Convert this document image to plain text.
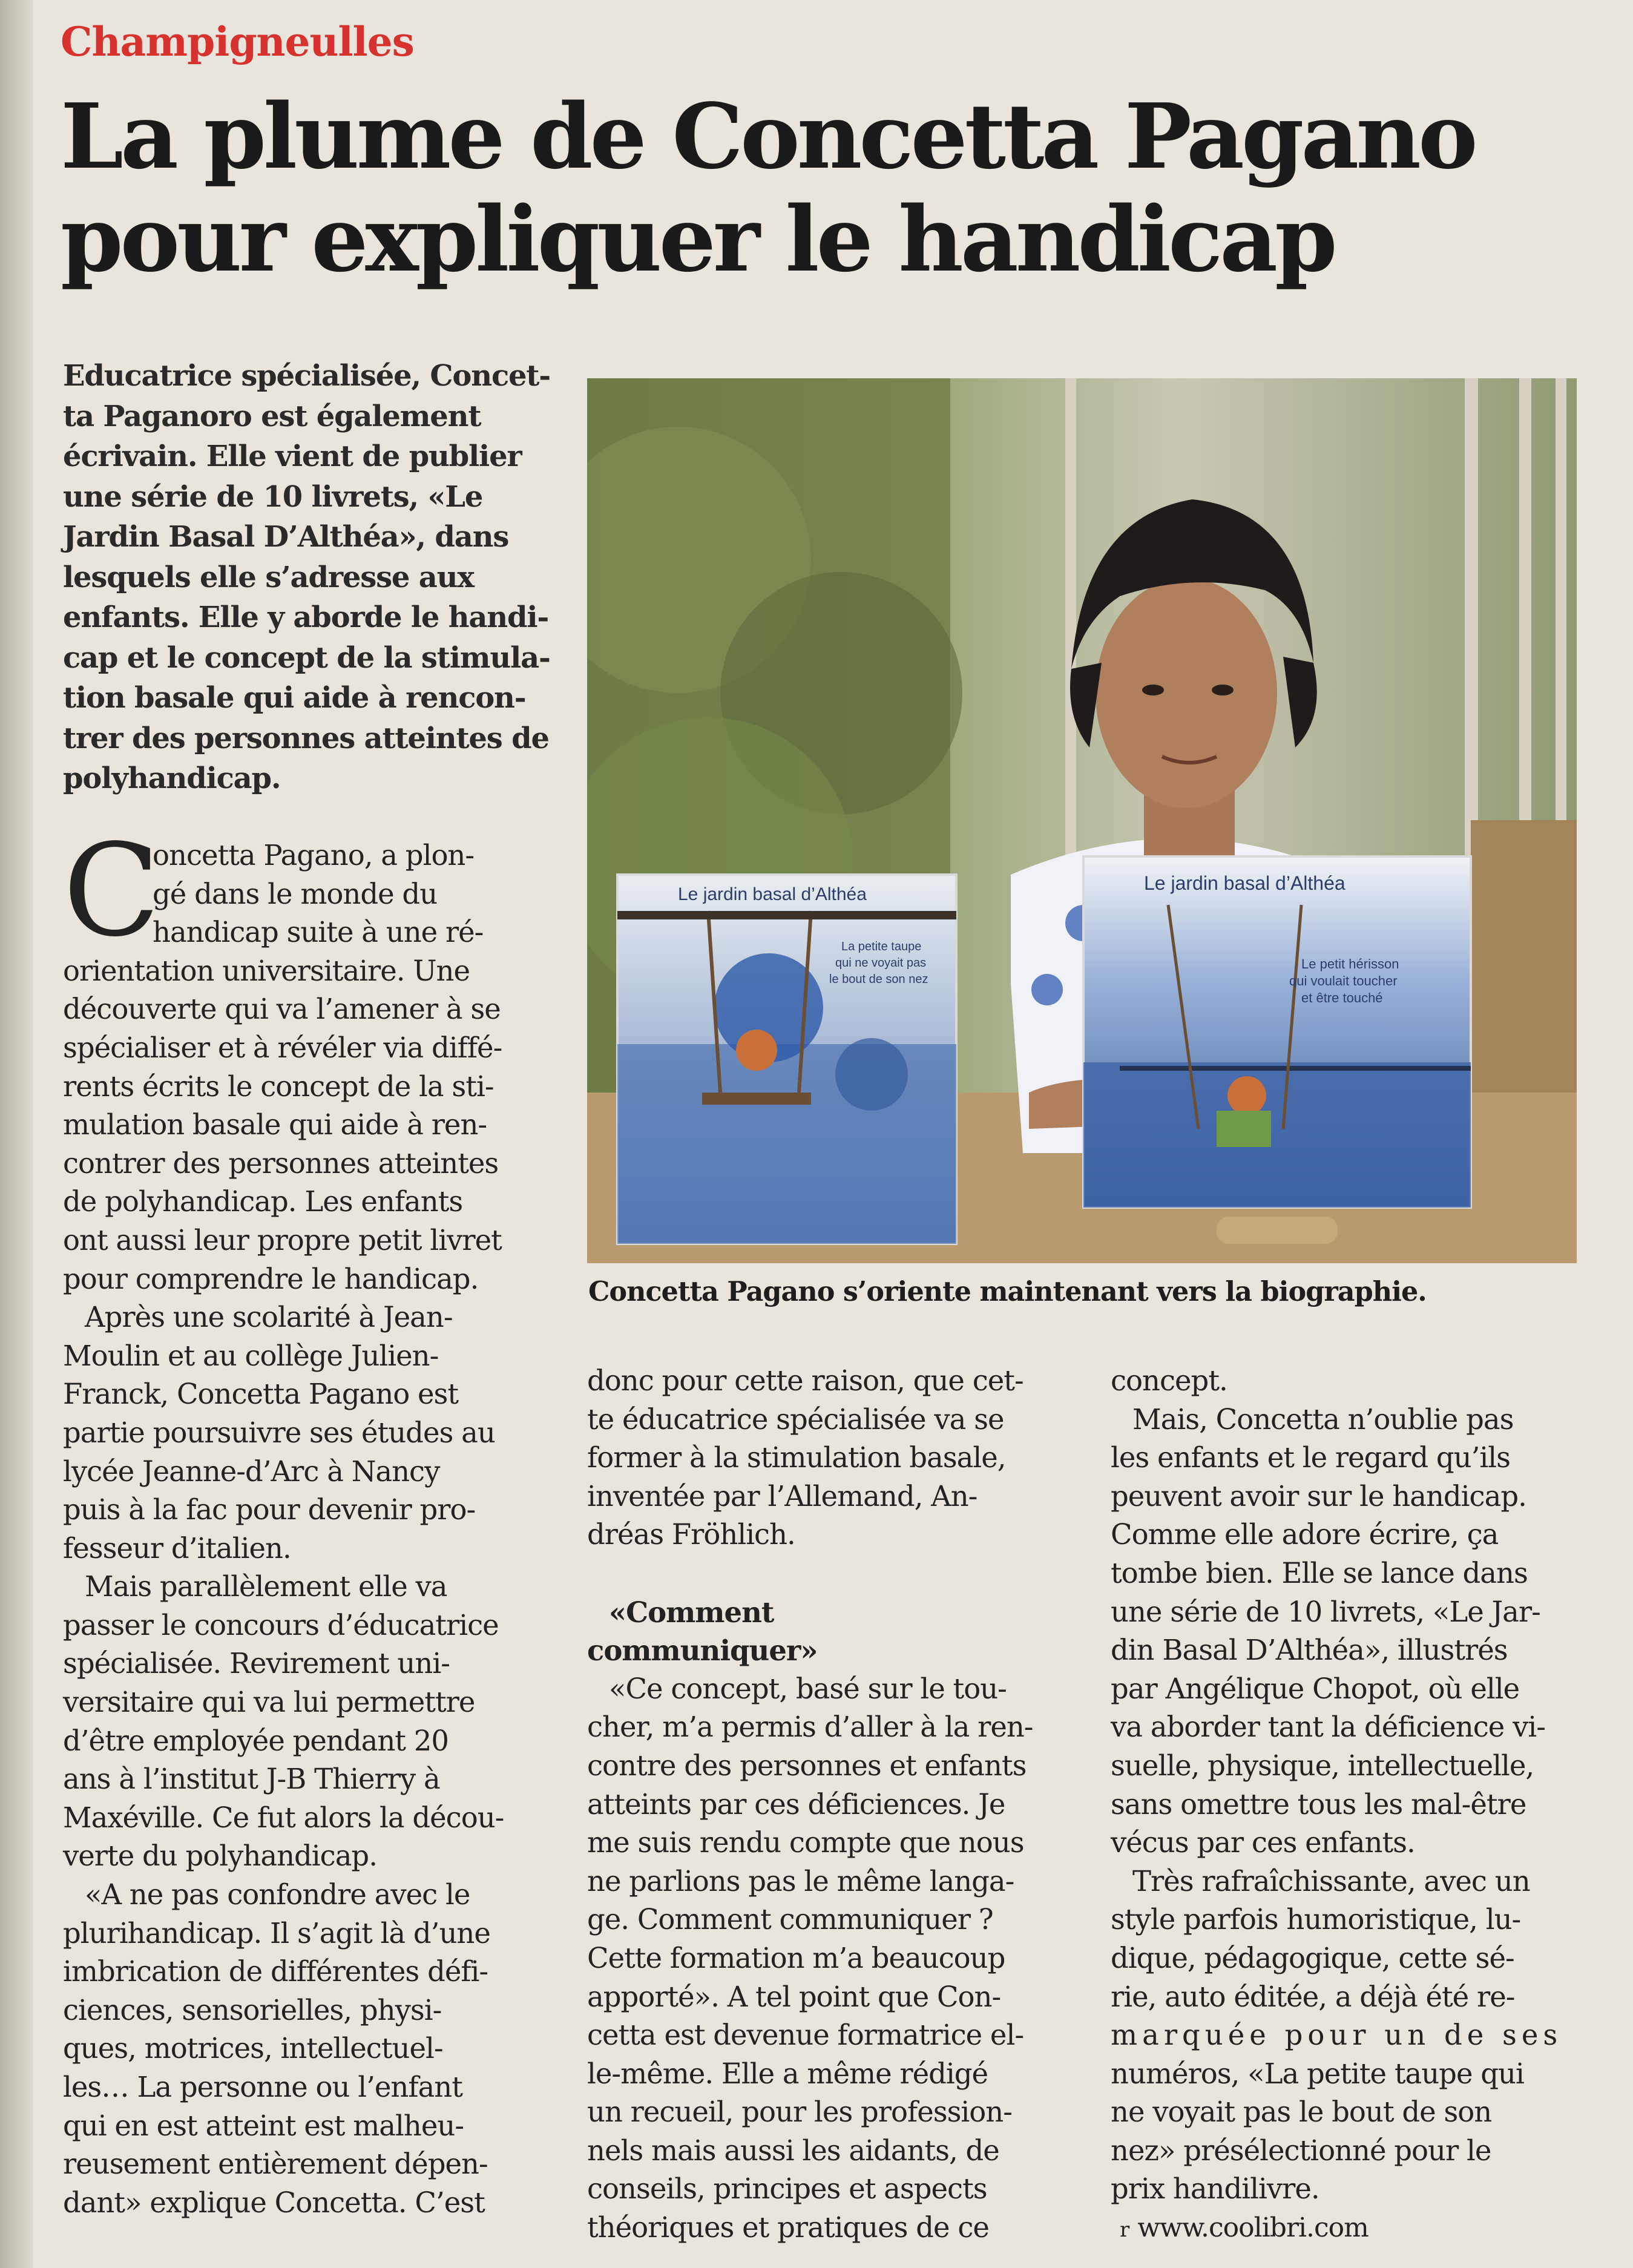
Champigneulles
La plume de Concetta Pagano
pour expliquer le handicap
Educatrice spécialisée, Concet-
ta Paganoro est également
écrivain. Elle vient de publier
une série de 10 livrets, «Le
Jardin Basal D’Althéa», dans
lesquels elle s’adresse aux
enfants. Elle y aborde le handi-
cap et le concept de la stimula-
tion basale qui aide à rencon-
trer des personnes atteintes de
polyhandicap.
Le jardin basal d’Althéa
La petite taupe qui ne voyait pas le bout de son nez
Le jardin basal d’Althéa
Le petit hérisson qui voulait toucher et être touché
Concetta Pagano s’oriente maintenant vers la biographie.
C
oncetta Pagano, a plon-
gé dans le monde du
handicap suite à une ré-
orientation universitaire. Une
découverte qui va l’amener à se
spécialiser et à révéler via diffé-
rents écrits le concept de la sti-
mulation basale qui aide à ren-
contrer des personnes atteintes
de polyhandicap. Les enfants
ont aussi leur propre petit livret
pour comprendre le handicap.
Après une scolarité à Jean-
Moulin et au collège Julien-
Franck, Concetta Pagano est
partie poursuivre ses études au
lycée Jeanne-d’Arc à Nancy
puis à la fac pour devenir pro-
fesseur d’italien.
Mais parallèlement elle va
passer le concours d’éducatrice
spécialisée. Revirement uni-
versitaire qui va lui permettre
d’être employée pendant 20
ans à l’institut J-B Thierry à
Maxéville. Ce fut alors la décou-
verte du polyhandicap.
«A ne pas confondre avec le
plurihandicap. Il s’agit là d’une
imbrication de différentes défi-
ciences, sensorielles, physi-
ques, motrices, intellectuel-
les… La personne ou l’enfant
qui en est atteint est malheu-
reusement entièrement dépen-
dant» explique Concetta. C’est
donc pour cette raison, que cet-
te éducatrice spécialisée va se
former à la stimulation basale,
inventée par l’Allemand, An-
dréas Fröhlich.
«Comment
communiquer»
«Ce concept, basé sur le tou-
cher, m’a permis d’aller à la ren-
contre des personnes et enfants
atteints par ces déficiences. Je
me suis rendu compte que nous
ne parlions pas le même langa-
ge. Comment communiquer ?
Cette formation m’a beaucoup
apporté». A tel point que Con-
cetta est devenue formatrice el-
le-même. Elle a même rédigé
un recueil, pour les profession-
nels mais aussi les aidants, de
conseils, principes et aspects
théoriques et pratiques de ce
concept.
Mais, Concetta n’oublie pas
les enfants et le regard qu’ils
peuvent avoir sur le handicap.
Comme elle adore écrire, ça
tombe bien. Elle se lance dans
une série de 10 livrets, «Le Jar-
din Basal D’Althéa», illustrés
par Angélique Chopot, où elle
va aborder tant la déficience vi-
suelle, physique, intellectuelle,
sans omettre tous les mal-être
vécus par ces enfants.
Très rafraîchissante, avec un
style parfois humoristique, lu-
dique, pédagogique, cette sé-
rie, auto éditée, a déjà été re-
marquée pour un de ses
numéros, «La petite taupe qui
ne voyait pas le bout de son
nez» présélectionné pour le
prix handilivre.
r www.coolibri.com
